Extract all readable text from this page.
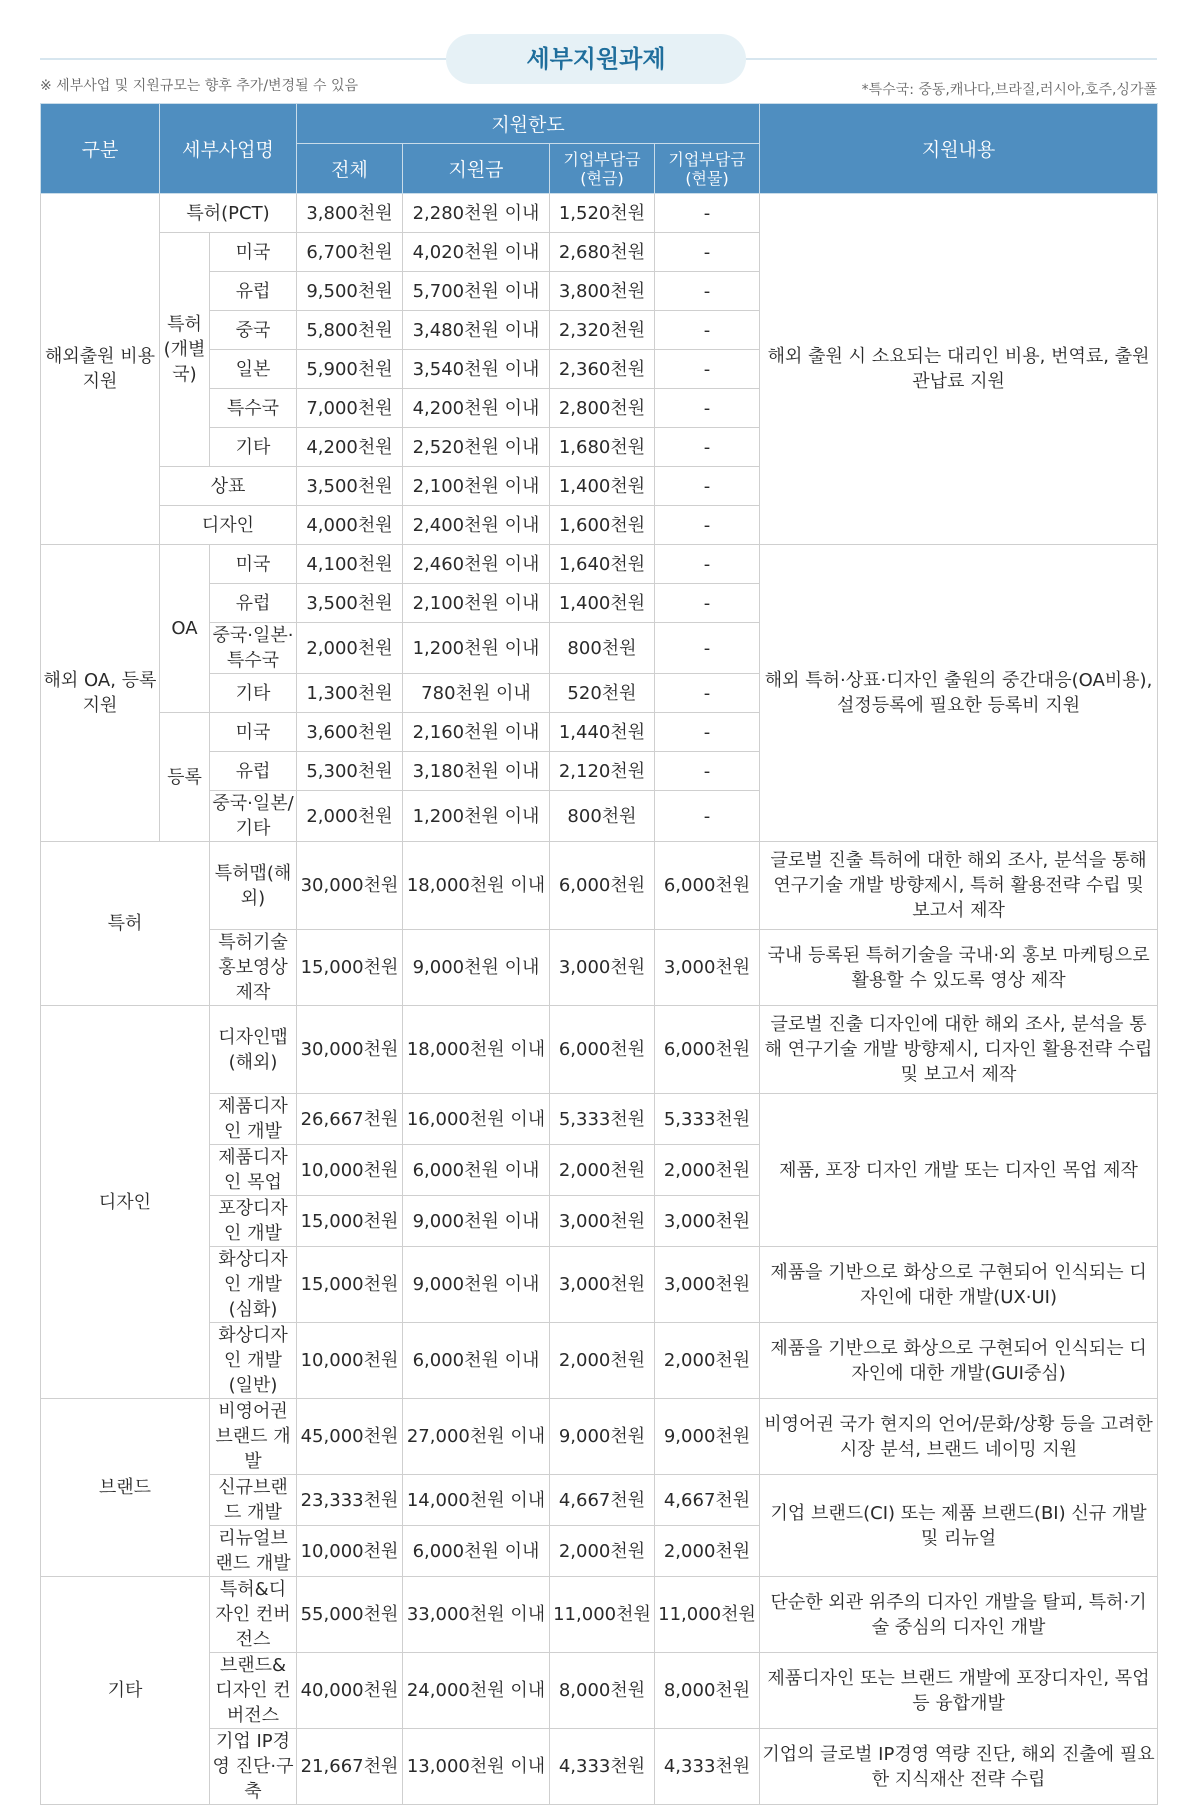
세부지원과제
※ 세부사업 및 지원규모는 향후 추가/변경될 수 있음	*특수국: 중동,캐나다,브라질,러시아,호주,싱가폴
구분	세부사업명		지원한도				지원내용
			전체	지원금	기업부담금 (현금)	기업부담금 (현물)	
해외출원 비용지원	특허(PCT)		3,800천원	2,280천원 이내	1,520천원	-	해외 출원 시 소요되는 대리인 비용, 번역료, 출원 관납료 지원
	특허 (개별국)	미국	6,700천원	4,020천원 이내	2,680천원	-	
		유럽	9,500천원	5,700천원 이내	3,800천원	-	
		중국	5,800천원	3,480천원 이내	2,320천원	-	
		일본	5,900천원	3,540천원 이내	2,360천원	-	
		특수국	7,000천원	4,200천원 이내	2,800천원	-	
		기타	4,200천원	2,520천원 이내	1,680천원	-	
	상표		3,500천원	2,100천원 이내	1,400천원	-	
	디자인		4,000천원	2,400천원 이내	1,600천원	-	
해외 OA, 등록 지원	OA	미국	4,100천원	2,460천원 이내	1,640천원	-	해외 특허·상표·디자인 출원의 중간대응(OA비용), 설정등록에 필요한 등록비 지원
		유럽	3,500천원	2,100천원 이내	1,400천원	-	
		중국·일본·특수국	2,000천원	1,200천원 이내	800천원	-	
		기타	1,300천원	780천원 이내	520천원	-	
	등록	미국	3,600천원	2,160천원 이내	1,440천원	-	
		유럽	5,300천원	3,180천원 이내	2,120천원	-	
		중국·일본/기타	2,000천원	1,200천원 이내	800천원	-	
특허		특허맵(해외)	30,000천원	18,000천원 이내	6,000천원	6,000천원	글로벌 진출 특허에 대한 해외 조사, 분석을 통해 연구기술 개발 방향제시, 특허 활용전략 수립 및 보고서 제작
		특허기술 홍보영상제작	15,000천원	9,000천원 이내	3,000천원	3,000천원	국내 등록된 특허기술을 국내·외 홍보 마케팅으로 활용할 수 있도록 영상 제작
디자인		디자인맵(해외)	30,000천원	18,000천원 이내	6,000천원	6,000천원	글로벌 진출 디자인에 대한 해외 조사, 분석을 통해 연구기술 개발 방향제시, 디자인 활용전략 수립 및 보고서 제작
		제품디자인 개발	26,667천원	16,000천원 이내	5,333천원	5,333천원	제품, 포장 디자인 개발 또는 디자인 목업 제작
		제품디자인 목업	10,000천원	6,000천원 이내	2,000천원	2,000천원	
		포장디자인 개발	15,000천원	9,000천원 이내	3,000천원	3,000천원	
		화상디자인 개발(심화)	15,000천원	9,000천원 이내	3,000천원	3,000천원	제품을 기반으로 화상으로 구현되어 인식되는 디자인에 대한 개발(UX·UI)
		화상디자인 개발(일반)	10,000천원	6,000천원 이내	2,000천원	2,000천원	제품을 기반으로 화상으로 구현되어 인식되는 디자인에 대한 개발(GUI중심)
브랜드		비영어권 브랜드 개발	45,000천원	27,000천원 이내	9,000천원	9,000천원	비영어권 국가 현지의 언어/문화/상황 등을 고려한 시장 분석, 브랜드 네이밍 지원
		신규브랜드 개발	23,333천원	14,000천원 이내	4,667천원	4,667천원	기업 브랜드(CI) 또는 제품 브랜드(BI) 신규 개발 및 리뉴얼
		리뉴얼브랜드 개발	10,000천원	6,000천원 이내	2,000천원	2,000천원	
기타		특허&디자인 컨버전스	55,000천원	33,000천원 이내	11,000천원	11,000천원	단순한 외관 위주의 디자인 개발을 탈피, 특허·기술 중심의 디자인 개발
		브랜드&디자인 컨버전스	40,000천원	24,000천원 이내	8,000천원	8,000천원	제품디자인 또는 브랜드 개발에 포장디자인, 목업 등 융합개발
		기업 IP경영 진단·구축	21,667천원	13,000천원 이내	4,333천원	4,333천원	기업의 글로벌 IP경영 역량 진단, 해외 진출에 필요한 지식재산 전략 수립
